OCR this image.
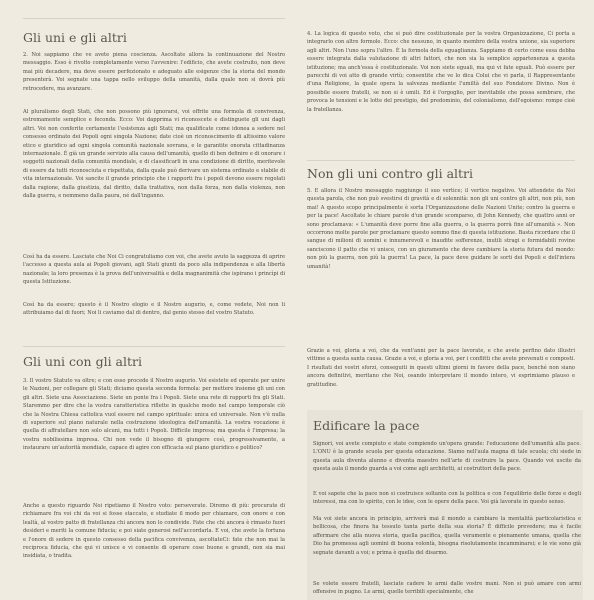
Gli uni e gli altri

2. Noi sappiamo che ve avete piena coscienza. Ascoltate allora la continuazione del Nostro messaggio. Esso è rivolto completamente verso l'avvenire: l'edificio, che avete costruito, non deve mai più decadere, ma deve essere perfezionato e adeguato alle esigenze che la storia del mondo presenterà. Voi segnate una tappa nello sviluppo della umanità, dalla quale non si dovrà più retrocedere, ma avanzare.

Al pluralismo degli Stati, che non possono più ignorarsi, voi offrite una formola di convivenza, estremamente semplice e feconda. Ecco: Voi dapprima vi riconoscete e distinguete gli uni dagli altri. Voi non conferite certamente l'esistenza agli Stati; ma qualificate come idonea a sedere nel consesso ordinato dei Popoli ogni singola Nazione; date cioè un riconoscimento di altissimo valore etico e giuridico ad ogni singola comunità nazionale sovrana, e le garantite onorata cittadinanza internazionale. È già un grande servizio alla causa dell'umanità, quello di ben definire e di onorare i soggetti nazionali della comunità mondiale, e di classificarli in una condizione di diritto, meritevole di essere da tutti riconosciuta e rispettata, dalla quale può derivare un sistema ordinato e stabile di vita internazionale. Voi sancite il grande principio che i rapporti fra i popoli devono essere regolati dalla ragione, dalla giustizia, dal diritto, dalla trattativa, non dalla forza, non dalla violenza, non dalla guerra, e nemmeno dalla paura, né dall'inganno.

Così ha da essere. Lasciate che Noi Ci congratuliamo con voi, che avete avuto la saggezza di aprire l'accesso a questa aula ai Popoli giovani, agli Stati giunti da poco alla indipendenza e alla libertà nazionale; la loro presenza è la prova dell'universalità e della magnanimità che ispirano i princìpi di questa Istituzione.

Così ha da essere; questo è il Nostro elogio e il Nostro augurio, e, come vedete, Noi non li attribuiamo dal di fuori; Noi li caviamo dal di dentro, dal genio stesso del vostro Statuto.

Gli uni con gli altri

3. Il vostro Statuto va oltre; e con esso procede il Nostro augurio. Voi esistete ed operate per unire le Nazioni, per collegare gli Stati; diciamo questa seconda formola: per mettere insieme gli uni con gli altri. Siete una Associazione. Siete un ponte fra i Popoli. Siete una rete di rapporti fra gli Stati. Staremmo per dire che la vostra caratteristica riflette in qualche modo nel campo temporale ciò che la Nostra Chiesa cattolica vuol essere nel campo spirituale: unica ed universale. Non v'è nulla di superiore sul piano naturale nella costruzione ideologica dell'umanità. La vostra vocazione è quella di affratellare non solo alcuni, ma tutti i Popoli. Difficile impresa; ma questa è l'impresa; la vostra nobilissima impresa. Chi non vede il bisogno di giungere così, progressivamente, a instaurare un'autorità mondiale, capace di agire con efficacia sul piano giuridico e politico?

Anche a questo riguardo Noi ripetiamo il Nostro voto: perseverate. Diremo di più: procurate di richiamare fra voi chi da voi si fosse staccato, e studiate il modo per chiamare, con onore e con lealtà, al vostro patto di fratellanza chi ancora non lo condivide. Fate che chi ancora è rimasto fuori desideri e meriti la comune fiducia; e poi siate generosi nell'accordarla. E voi, che avete la fortuna e l'onore di sedere in questo consesso della pacifica convivenza, ascoltateCi: fate che non mai la reciproca fiducia, che qui vi unisce e vi consente di operare cose buone e grandi, non sia mai insidiata, o tradita.

4. La logica di questo voto, che si può dire costituzionale per la vostra Organizzazione, Ci porta a integrarlo con altre formole. Ecco: che nessuno, in quanto membro della vostra unione, sia superiore agli altri. Non l'uno sopra l'altro. È la formola della eguaglianza. Sappiamo di certo come essa debba essere integrata dalla valutazione di altri fattori, che non sia la semplice appartenenza a questa istituzione; ma anch'essa è costituzionale. Voi non siete eguali, ma qui vi fate eguali. Può essere per parecchi di voi atto di grande virtù; consentite che ve lo dica Colui che vi parla, il Rappresentante d'una Religione, la quale opera la salvezza mediante l'umiltà del suo Fondatore Divino. Non è possibile essere fratelli, se non si è umili. Ed è l'orgoglio, per inevitabile che possa sembrare, che provoca le tensioni e le lotte del prestigio, del predominio, del colonialismo, dell'egoismo: rompe cioè la fratellanza.

Non gli uni contro gli altri

5. E allora il Nostro messaggio raggiunge il suo vertice; il vertice negativo. Voi attendete da Noi questa parola, che non può svestirsi di gravità e di solennità: non gli uni contro gli altri, non più, non mai! A questo scopo principalmente è sorta l'Organizzazione delle Nazioni Unite; contro la guerra e per la pace! Ascoltate le chiare parole d'un grande scomparso, di John Kennedy, che quattro anni or sono proclamava: « L'umanità deve porre fine alla guerra, o la guerra porrà fine all'umanità ». Non occorrono molte parole per proclamare questo sommo fine di questa istituzione. Basta ricordare che il sangue di milioni di uomini e innumerevoli e inaudite sofferenze, inutili stragi e formidabili rovine sanciscono il patto che vi unisce, con un giuramento che deve cambiare la storia futura del mondo: non più la guerra, non più la guerra! La pace, la pace deve guidare le sorti dei Popoli e dell'intera umanità!

Grazie a voi, gloria a voi, che da vent'anni per la pace lavorate, e che avete perfino dato illustri vittime a questa santa causa. Grazie a voi, e gloria a voi, per i conflitti che avete prevenuti e composti. I risultati dei vostri sforzi, conseguiti in questi ultimi giorni in favore della pace, benché non siano ancora definitivi, meritano che Noi, osando interpretare il mondo intero, vi esprimiamo plauso e gratitudine.

Edificare la pace

Signori, voi avete compiuto e state compiendo un'opera grande: l'educazione dell'umanità alla pace. L'ONU è la grande scuola per questa educazione. Siamo nell'aula magna di tale scuola; chi siede in questa aula diventa alunno e diventa maestro nell'arte di costruire la pace. Quando voi uscite da questa aula il mondo guarda a voi come agli architetti, ai costruttori della pace.

E voi sapete che la pace non si costruisce soltanto con la politica e con l'equilibrio delle forze e degli interessi, ma con lo spirito, con le idee, con le opere della pace. Voi già lavorate in questo senso.

Ma voi siete ancora in principio, arriverà mai il mondo a cambiare la mentalità particolaristica e bellicosa, che finora ha tessuto tanta parte della sua storia? È difficile prevedere; ma è facile affermare che alla nuova storia, quella pacifica, quella veramente e pienamente umana, quella che Dio ha promessa agli uomini di buona volontà, bisogna risolutamente incamminarsi; e le vie sono già segnate davanti a voi; e prima è quella del disarmo.

Se volete essere fratelli, lasciate cadere le armi dalle vostre mani. Non si può amare con armi offensive in pugno. Le armi, quelle terribili specialmente, che
